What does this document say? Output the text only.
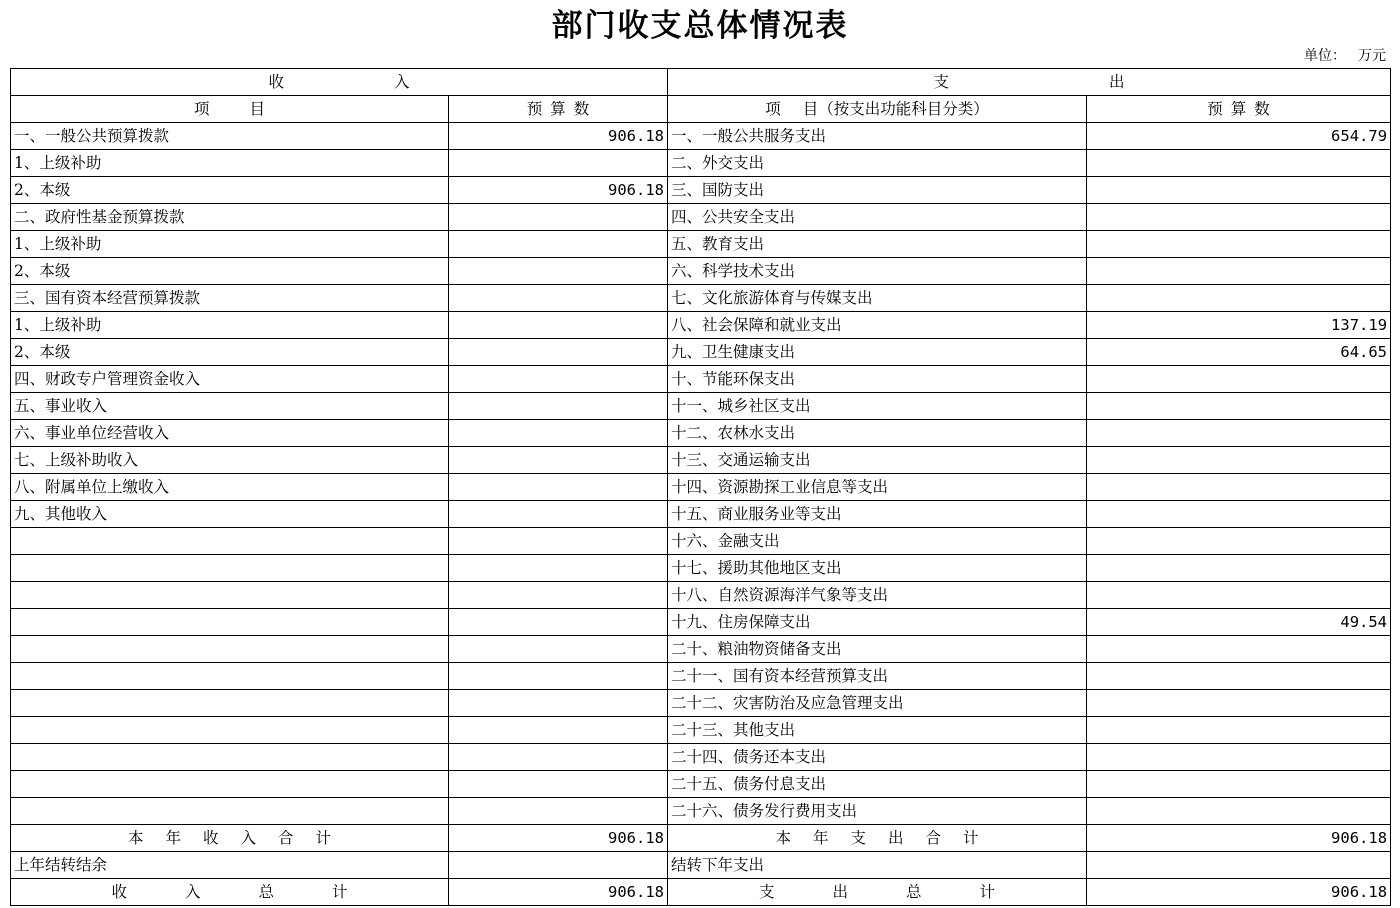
部门收支总体情况表
单位： 万元
收入		支出	
项目	预算数	项 目（按支出功能科目分类）	预算数
一、一般公共预算拨款	906.18	一、一般公共服务支出	654.79
1、上级补助		二、外交支出	
2、本级	906.18	三、国防支出	
二、政府性基金预算拨款		四、公共安全支出	
1、上级补助		五、教育支出	
2、本级		六、科学技术支出	
三、国有资本经营预算拨款		七、文化旅游体育与传媒支出	
1、上级补助		八、社会保障和就业支出	137.19
2、本级		九、卫生健康支出	64.65
四、财政专户管理资金收入		十、节能环保支出	
五、事业收入		十一、城乡社区支出	
六、事业单位经营收入		十二、农林水支出	
七、上级补助收入		十三、交通运输支出	
八、附属单位上缴收入		十四、资源勘探工业信息等支出	
九、其他收入		十五、商业服务业等支出	
		十六、金融支出	
		十七、援助其他地区支出	
		十八、自然资源海洋气象等支出	
		十九、住房保障支出	49.54
		二十、粮油物资储备支出	
		二十一、国有资本经营预算支出	
		二十二、灾害防治及应急管理支出	
		二十三、其他支出	
		二十四、债务还本支出	
		二十五、债务付息支出	
		二十六、债务发行费用支出	
本年收入合计	906.18	本年支出合计	906.18
上年结转结余		结转下年支出	
收入总计	906.18	支出总计	906.18
